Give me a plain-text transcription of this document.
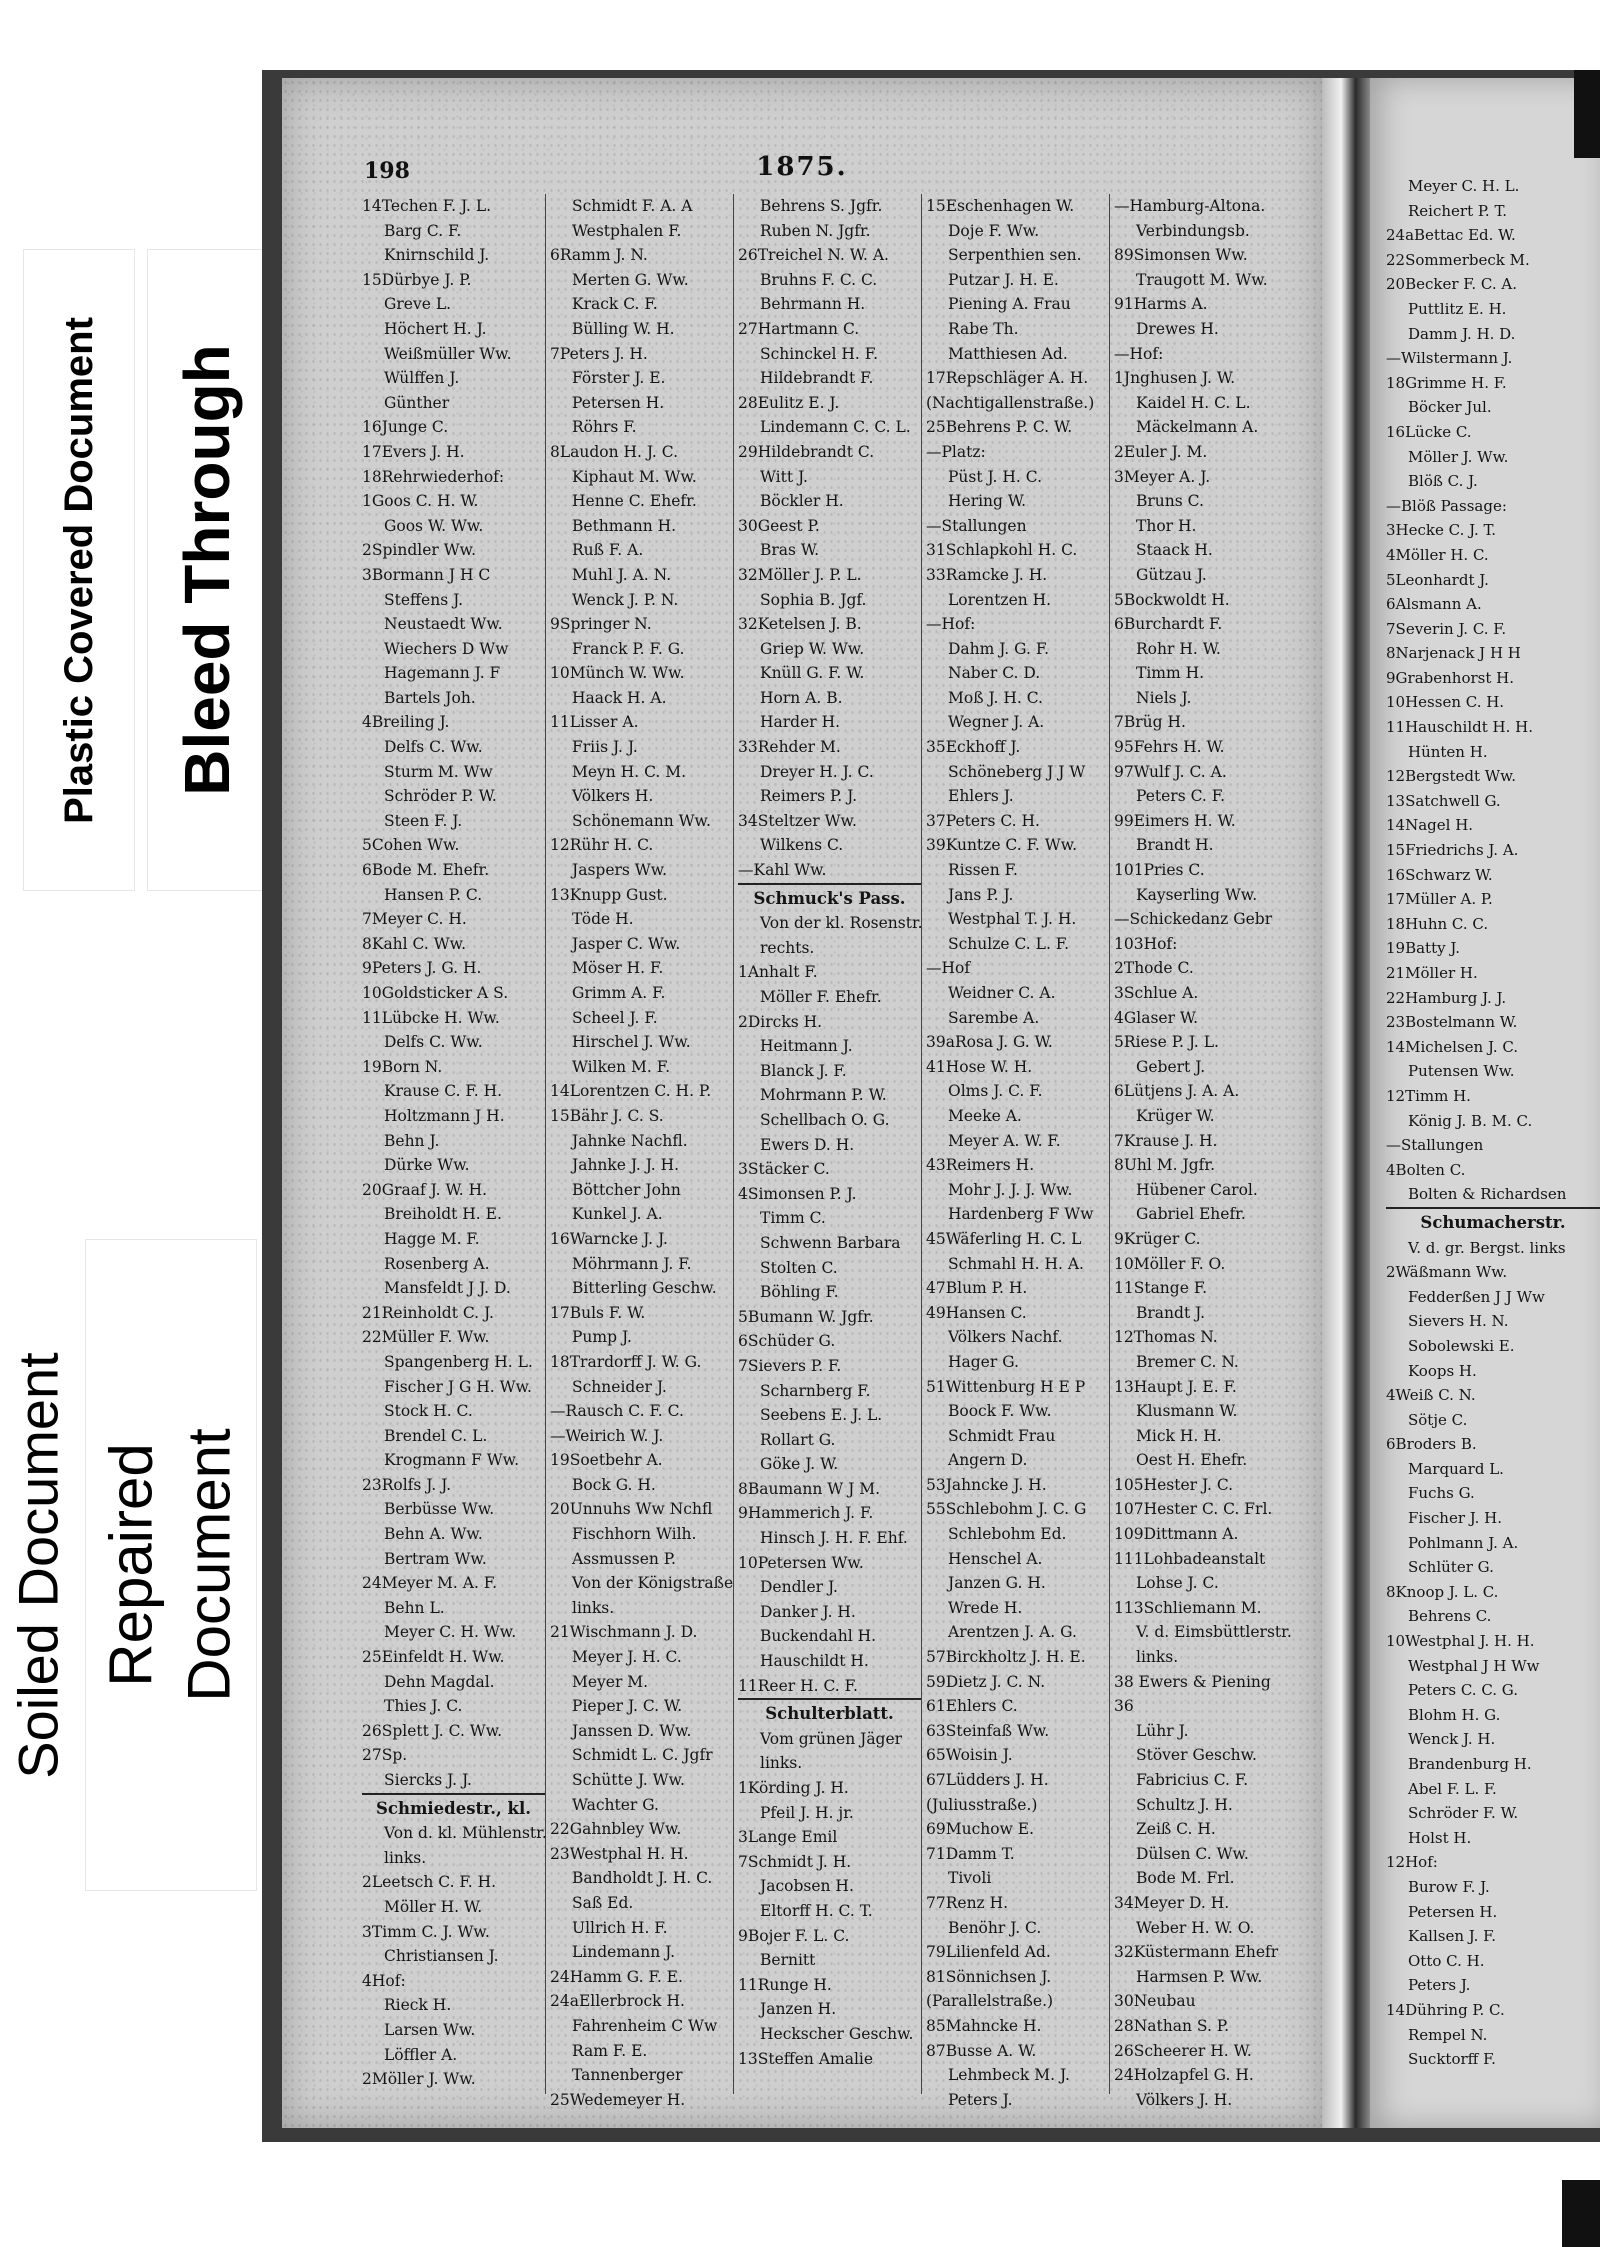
Plastic Covered Document Bleed Through
Soiled Document Repaired Document
198	1875.
14Techen F. J. L.
Barg C. F.
Knirnschild J.
15Dürbye J. P.
Greve L.
Höchert H. J.
Weißmüller Ww.
Wülffen J.
Günther
16Junge C.
17Evers J. H.
18Rehrwiederhof:
1Goos C. H. W.
Goos W. Ww.
2Spindler Ww.
3Bormann J H C
Steffens J.
Neustaedt Ww.
Wiechers D Ww
Hagemann J. F
Bartels Joh.
4Breiling J.
Delfs C. Ww.
Sturm M. Ww
Schröder P. W.
Steen F. J.
5Cohen Ww.
6Bode M. Ehefr.
Hansen P. C.
7Meyer C. H.
8Kahl C. Ww.
9Peters J. G. H.
10Goldsticker A S.
11Lübcke H. Ww.
Delfs C. Ww.
19Born N.
Krause C. F. H.
Holtzmann J H.
Behn J.
Dürke Ww.
20Graaf J. W. H.
Breiholdt H. E.
Hagge M. F.
Rosenberg A.
Mansfeldt J J. D.
21Reinholdt C. J.
22Müller F. Ww.
Spangenberg H. L.
Fischer J G H. Ww.
Stock H. C.
Brendel C. L.
Krogmann F Ww.
23Rolfs J. J.
Berbüsse Ww.
Behn A. Ww.
Bertram Ww.
24Meyer M. A. F.
Behn L.
Meyer C. H. Ww.
25Einfeldt H. Ww.
Dehn Magdal.
Thies J. C.
26Splett J. C. Ww.
27Sp.
Siercks J. J.
Schmiedestr., kl.
Von d. kl. Mühlenstr.
links.
2Leetsch C. F. H.
Möller H. W.
3Timm C. J. Ww.
Christiansen J.
4Hof:
Rieck H.
Larsen Ww.
Löffler A.
2Möller J. Ww.
Schmidt F. A. A
Westphalen F.
6Ramm J. N.
Merten G. Ww.
Krack C. F.
Bülling W. H.
7Peters J. H.
Förster J. E.
Petersen H.
Röhrs F.
8Laudon H. J. C.
Kiphaut M. Ww.
Henne C. Ehefr.
Bethmann H.
Ruß F. A.
Muhl J. A. N.
Wenck J. P. N.
9Springer N.
Franck P. F. G.
10Münch W. Ww.
Haack H. A.
11Lisser A.
Friis J. J.
Meyn H. C. M.
Völkers H.
Schönemann Ww.
12Rühr H. C.
Jaspers Ww.
13Knupp Gust.
Töde H.
Jasper C. Ww.
Möser H. F.
Grimm A. F.
Scheel J. F.
Hirschel J. Ww.
Wilken M. F.
14Lorentzen C. H. P.
15Bähr J. C. S.
Jahnke Nachfl.
Jahnke J. J. H.
Böttcher John
Kunkel J. A.
16Warncke J. J.
Möhrmann J. F.
Bitterling Geschw.
17Buls F. W.
Pump J.
18Trardorff J. W. G.
Schneider J.
—Rausch C. F. C.
—Weirich W. J.
19Soetbehr A.
Bock G. H.
20Unnuhs Ww Nchfl
Fischhorn Wilh.
Assmussen P.
Von der Königstraße
links.
21Wischmann J. D.
Meyer J. H. C.
Meyer M.
Pieper J. C. W.
Janssen D. Ww.
Schmidt L. C. Jgfr
Schütte J. Ww.
Wachter G.
22Gahnbley Ww.
23Westphal H. H.
Bandholdt J. H. C.
Saß Ed.
Ullrich H. F.
Lindemann J.
24Hamm G. F. E.
24aEllerbrock H.
Fahrenheim C Ww
Ram F. E.
Tannenberger
25Wedemeyer H.
Behrens S. Jgfr.
Ruben N. Jgfr.
26Treichel N. W. A.
Bruhns F. C. C.
Behrmann H.
27Hartmann C.
Schinckel H. F.
Hildebrandt F.
28Eulitz E. J.
Lindemann C. C. L.
29Hildebrandt C.
Witt J.
Böckler H.
30Geest P.
Bras W.
32Möller J. P. L.
Sophia B. Jgf.
32Ketelsen J. B.
Griep W. Ww.
Knüll G. F. W.
Horn A. B.
Harder H.
33Rehder M.
Dreyer H. J. C.
Reimers P. J.
34Steltzer Ww.
Wilkens C.
—Kahl Ww.
Schmuck's Pass.
Von der kl. Rosenstr.
rechts.
1Anhalt F.
Möller F. Ehefr.
2Dircks H.
Heitmann J.
Blanck J. F.
Mohrmann P. W.
Schellbach O. G.
Ewers D. H.
3Stäcker C.
4Simonsen P. J.
Timm C.
Schwenn Barbara
Stolten C.
Böhling F.
5Bumann W. Jgfr.
6Schüder G.
7Sievers P. F.
Scharnberg F.
Seebens E. J. L.
Rollart G.
Göke J. W.
8Baumann W J M.
9Hammerich J. F.
Hinsch J. H. F. Ehf.
10Petersen Ww.
Dendler J.
Danker J. H.
Buckendahl H.
Hauschildt H.
11Reer H. C. F.
Schulterblatt.
Vom grünen Jäger
links.
1Körding J. H.
Pfeil J. H. jr.
3Lange Emil
7Schmidt J. H.
Jacobsen H.
Eltorff H. C. T.
9Bojer F. L. C.
Bernitt
11Runge H.
Janzen H.
Heckscher Geschw.
13Steffen Amalie
15Eschenhagen W.
Doje F. Ww.
Serpenthien sen.
Putzar J. H. E.
Piening A. Frau
Rabe Th.
Matthiesen Ad.
17Repschläger A. H.
(Nachtigallenstraße.)
25Behrens P. C. W.
—Platz:
Püst J. H. C.
Hering W.
—Stallungen
31Schlapkohl H. C.
33Ramcke J. H.
Lorentzen H.
—Hof:
Dahm J. G. F.
Naber C. D.
Moß J. H. C.
Wegner J. A.
35Eckhoff J.
Schöneberg J J W
Ehlers J.
37Peters C. H.
39Kuntze C. F. Ww.
Rissen F.
Jans P. J.
Westphal T. J. H.
Schulze C. L. F.
—Hof
Weidner C. A.
Sarembe A.
39aRosa J. G. W.
41Hose W. H.
Olms J. C. F.
Meeke A.
Meyer A. W. F.
43Reimers H.
Mohr J. J. J. Ww.
Hardenberg F Ww
45Wäferling H. C. L
Schmahl H. H. A.
47Blum P. H.
49Hansen C.
Völkers Nachf.
Hager G.
51Wittenburg H E P
Boock F. Ww.
Schmidt Frau
Angern D.
53Jahncke J. H.
55Schlebohm J. C. G
Schlebohm Ed.
Henschel A.
Janzen G. H.
Wrede H.
Arentzen J. A. G.
57Birckholtz J. H. E.
59Dietz J. C. N.
61Ehlers C.
63Steinfaß Ww.
65Woisin J.
67Lüdders J. H.
(Juliusstraße.)
69Muchow E.
71Damm T.
Tivoli
77Renz H.
Benöhr J. C.
79Lilienfeld Ad.
81Sönnichsen J.
(Parallelstraße.)
85Mahncke H.
87Busse A. W.
Lehmbeck M. J.
Peters J.
—Hamburg-Altona.
Verbindungsb.
89Simonsen Ww.
Traugott M. Ww.
91Harms A.
Drewes H.
—Hof:
1Jnghusen J. W.
Kaidel H. C. L.
Mäckelmann A.
2Euler J. M.
3Meyer A. J.
Bruns C.
Thor H.
Staack H.
Gützau J.
5Bockwoldt H.
6Burchardt F.
Rohr H. W.
Timm H.
Niels J.
7Brüg H.
95Fehrs H. W.
97Wulf J. C. A.
Peters C. F.
99Eimers H. W.
Brandt H.
101Pries C.
Kayserling Ww.
—Schickedanz Gebr
103Hof:
2Thode C.
3Schlue A.
4Glaser W.
5Riese P. J. L.
Gebert J.
6Lütjens J. A. A.
Krüger W.
7Krause J. H.
8Uhl M. Jgfr.
Hübener Carol.
Gabriel Ehefr.
9Krüger C.
10Möller F. O.
11Stange F.
Brandt J.
12Thomas N.
Bremer C. N.
13Haupt J. E. F.
Klusmann W.
Mick H. H.
Oest H. Ehefr.
105Hester J. C.
107Hester C. C. Frl.
109Dittmann A.
111Lohbadeanstalt
Lohse J. C.
113Schliemann M.
V. d. Eimsbüttlerstr.
links.
38 Ewers & Piening
36
Lühr J.
Stöver Geschw.
Fabricius C. F.
Schultz J. H.
Zeiß C. H.
Dülsen C. Ww.
Bode M. Frl.
34Meyer D. H.
Weber H. W. O.
32Küstermann Ehefr
Harmsen P. Ww.
30Neubau
28Nathan S. P.
26Scheerer H. W.
24Holzapfel G. H.
Völkers J. H.
Meyer C. H. L.
Reichert P. T.
24aBettac Ed. W.
22Sommerbeck M.
20Becker F. C. A.
Puttlitz E. H.
Damm J. H. D.
—Wilstermann J.
18Grimme H. F.
Böcker Jul.
16Lücke C.
Möller J. Ww.
Blöß C. J.
—Blöß Passage:
3Hecke C. J. T.
4Möller H. C.
5Leonhardt J.
6Alsmann A.
7Severin J. C. F.
8Narjenack J H H
9Grabenhorst H.
10Hessen C. H.
11Hauschildt H. H.
Hünten H.
12Bergstedt Ww.
13Satchwell G.
14Nagel H.
15Friedrichs J. A.
16Schwarz W.
17Müller A. P.
18Huhn C. C.
19Batty J.
21Möller H.
22Hamburg J. J.
23Bostelmann W.
14Michelsen J. C.
Putensen Ww.
12Timm H.
König J. B. M. C.
—Stallungen
4Bolten C.
Bolten & Richardsen
Schumacherstr.
V. d. gr. Bergst. links
2Wäßmann Ww.
Fedderßen J J Ww
Sievers H. N.
Sobolewski E.
Koops H.
4Weiß C. N.
Sötje C.
6Broders B.
Marquard L.
Fuchs G.
Fischer J. H.
Pohlmann J. A.
Schlüter G.
8Knoop J. L. C.
Behrens C.
10Westphal J. H. H.
Westphal J H Ww
Peters C. C. G.
Blohm H. G.
Wenck J. H.
Brandenburg H.
Abel F. L. F.
Schröder F. W.
Holst H.
12Hof:
Burow F. J.
Petersen H.
Kallsen J. F.
Otto C. H.
Peters J.
14Dühring P. C.
Rempel N.
Sucktorff F.
